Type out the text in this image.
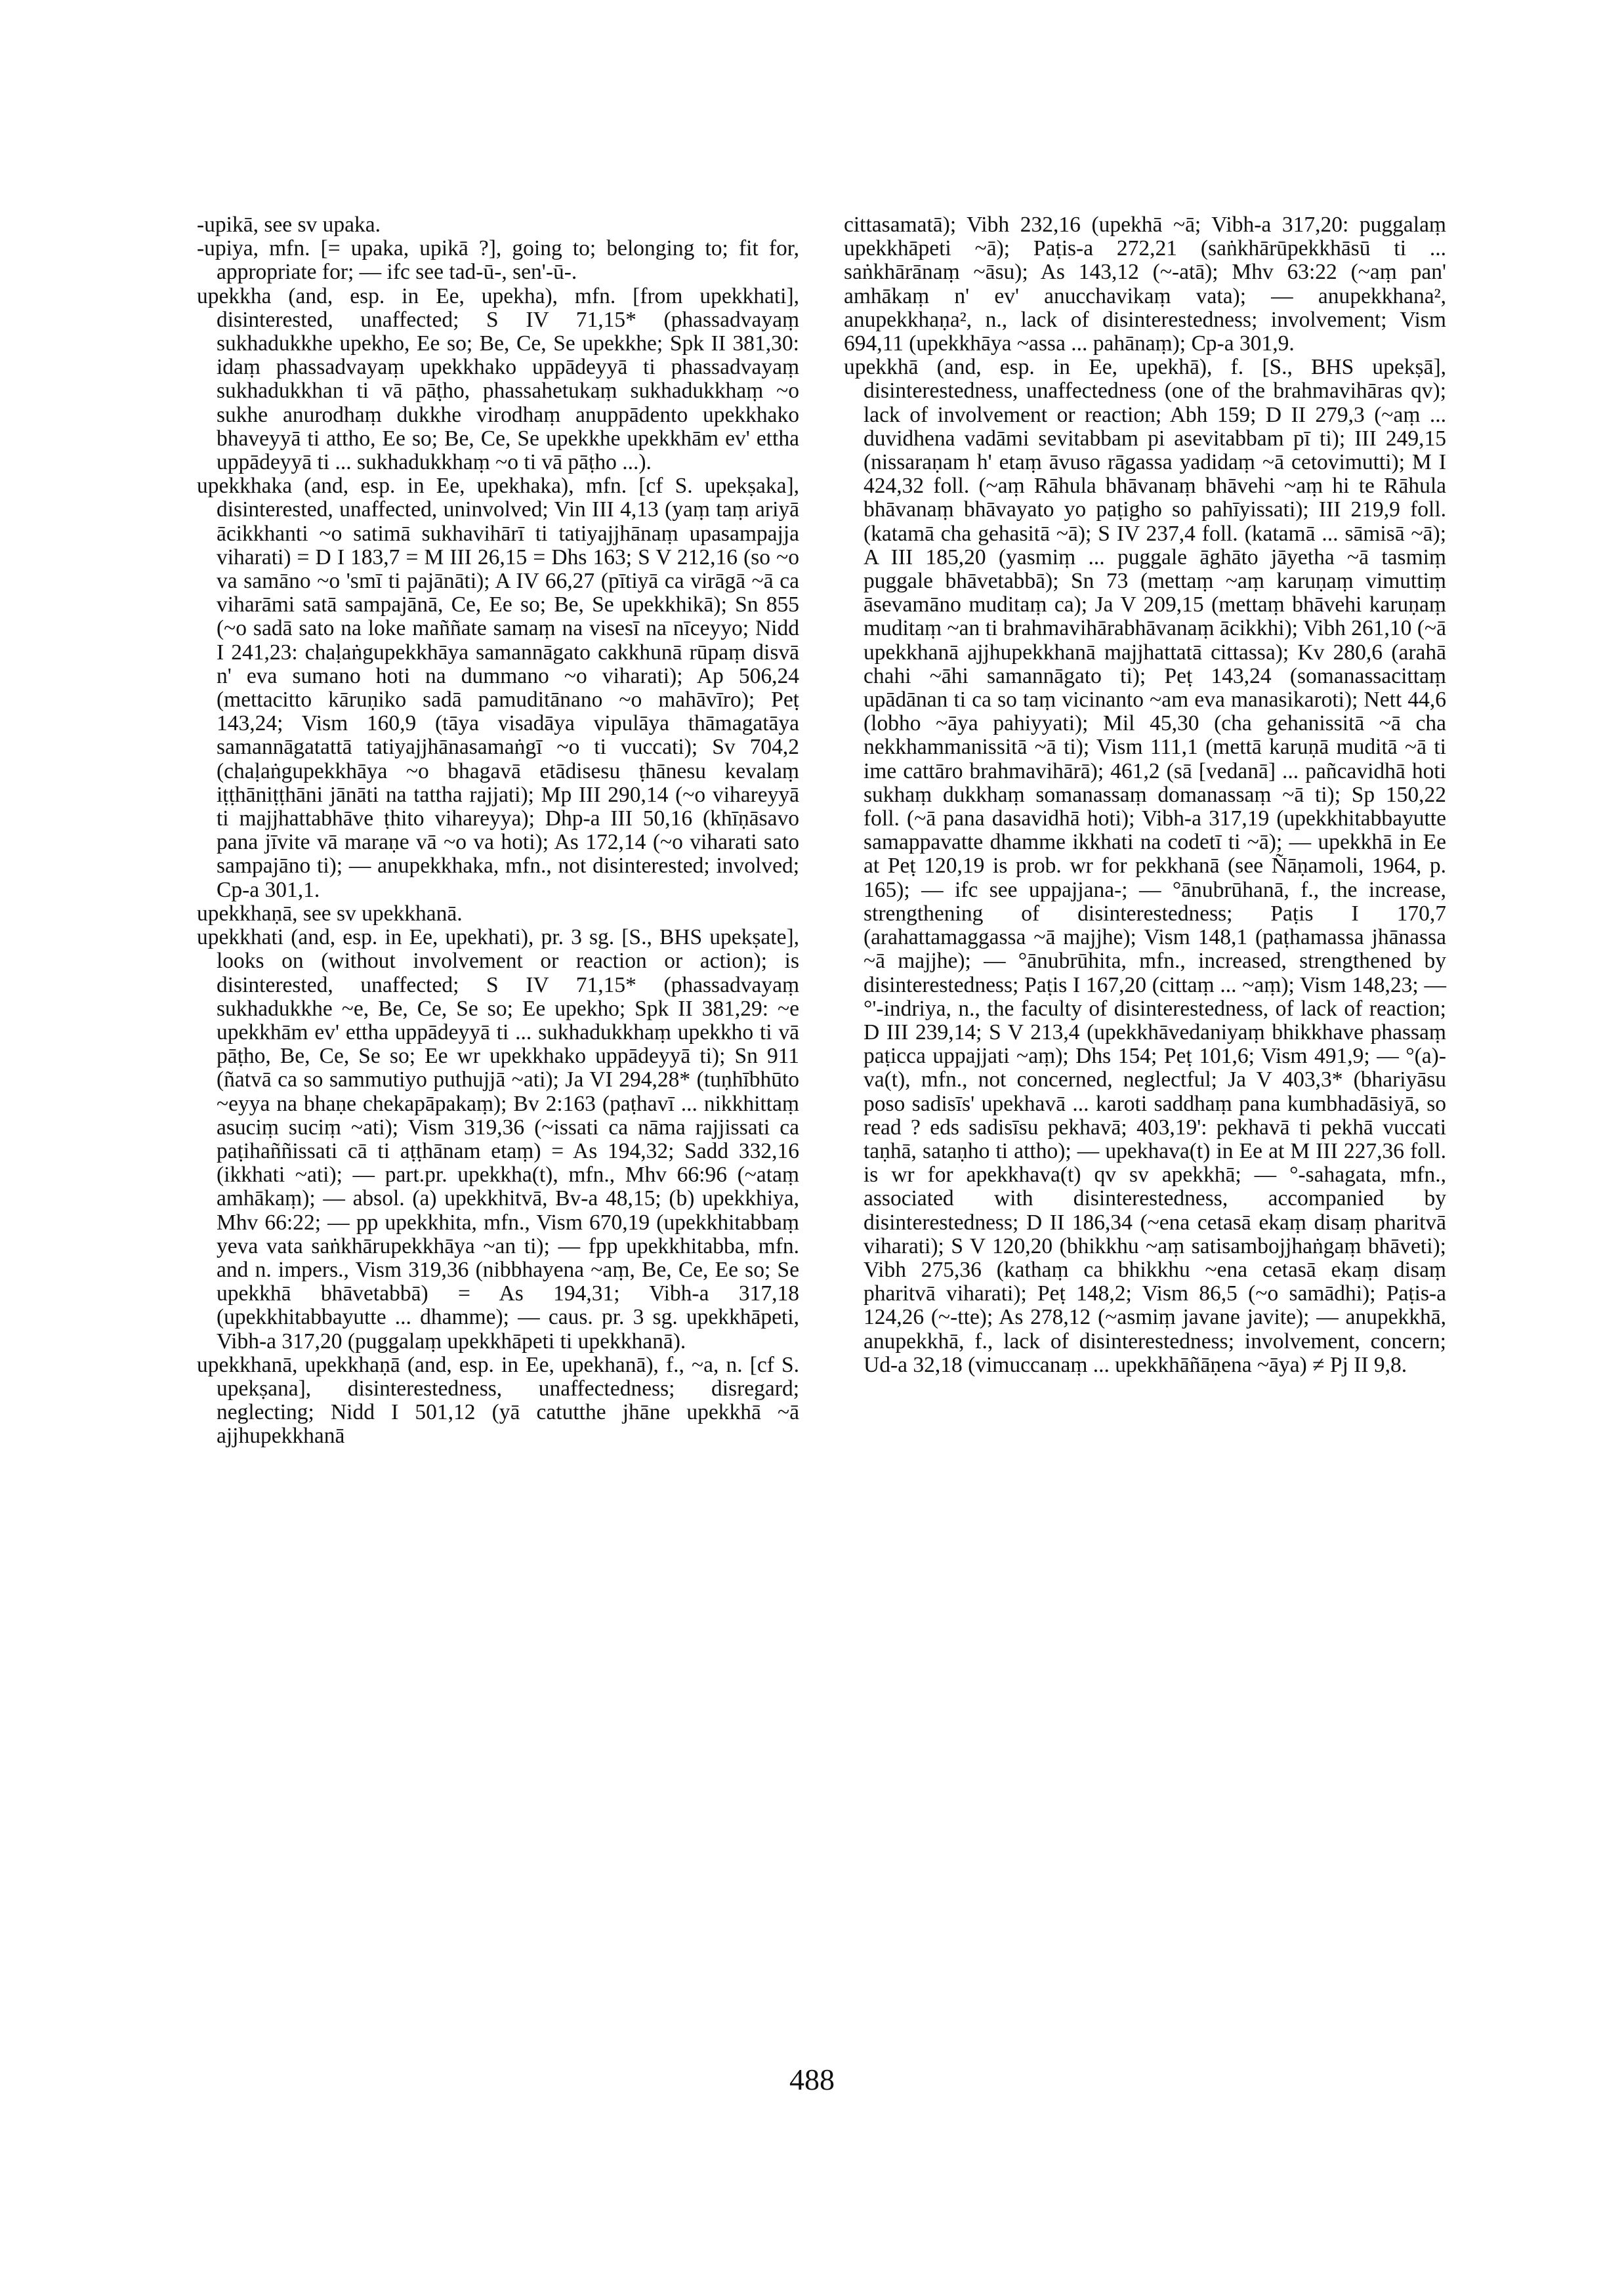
-upikā, see sv upaka.

-upiya, mfn. [= upaka, upikā ?], going to; belonging to; fit for, appropriate for; — ifc see tad-ū-, sen'-ū-.

upekkha (and, esp. in Ee, upekha), mfn. [from upekkhati], disinterested, unaffected; S IV 71,15* (phassadvayaṃ sukhadukkhe upekho, Ee so; Be, Ce, Se upekkhe; Spk II 381,30: idaṃ phassadvayaṃ upekkhako uppādeyyā ti phassadvayaṃ sukhadukkhan ti vā pāṭho, phassahetukaṃ sukhadukkhaṃ ~o sukhe anurodhaṃ dukkhe virodhaṃ anuppādento upekkhako bhaveyyā ti attho, Ee so; Be, Ce, Se upekkhe upekkhām ev' ettha uppādeyyā ti ... sukhadukkhaṃ ~o ti vā pāṭho ...).

upekkhaka (and, esp. in Ee, upekhaka), mfn. [cf S. upekṣaka], disinterested, unaffected, uninvolved; Vin III 4,13 (yaṃ taṃ ariyā ācikkhanti ~o satimā sukhavihārī ti tatiyajjhānaṃ upasampajja viharati) = D I 183,7 = M III 26,15 = Dhs 163; S V 212,16 (so ~o va samāno ~o 'smī ti pajānāti); A IV 66,27 (pītiyā ca virāgā ~ā ca viharāmi satā sampajānā, Ce, Ee so; Be, Se upekkhikā); Sn 855 (~o sadā sato na loke maññate samaṃ na visesī na nīceyyo; Nidd I 241,23: chaḷaṅgupekkhāya samannāgato cakkhunā rūpaṃ disvā n' eva sumano hoti na dummano ~o viharati); Ap 506,24 (mettacitto kāruṇiko sadā pamuditānano ~o mahāvīro); Peṭ 143,24; Vism 160,9 (tāya visadāya vipulāya thāmagatāya samannāgatattā tatiyajjhānasamaṅgī ~o ti vuccati); Sv 704,2 (chaḷaṅgupekkhāya ~o bhagavā etādisesu ṭhānesu kevalaṃ iṭṭhāniṭṭhāni jānāti na tattha rajjati); Mp III 290,14 (~o vihareyyā ti majjhattabhāve ṭhito vihareyya); Dhp-a III 50,16 (khīṇāsavo pana jīvite vā maraṇe vā ~o va hoti); As 172,14 (~o viharati sato sampajāno ti); — anupekkhaka, mfn., not disinterested; involved; Cp-a 301,1.

upekkhaṇā, see sv upekkhanā.

upekkhati (and, esp. in Ee, upekhati), pr. 3 sg. [S., BHS upekṣate], looks on (without involvement or reaction or action); is disinterested, unaffected; S IV 71,15* (phassadvayaṃ sukhadukkhe ~e, Be, Ce, Se so; Ee upekho; Spk II 381,29: ~e upekkhām ev' ettha uppādeyyā ti ... sukhadukkhaṃ upekkho ti vā pāṭho, Be, Ce, Se so; Ee wr upekkhako uppādeyyā ti); Sn 911 (ñatvā ca so sammutiyo puthujjā ~ati); Ja VI 294,28* (tuṇhībhūto ~eyya na bhaṇe chekapāpakaṃ); Bv 2:163 (paṭhavī ... nikkhittaṃ asuciṃ suciṃ ~ati); Vism 319,36 (~issati ca nāma rajjissati ca paṭihaññissati cā ti aṭṭhānam etaṃ) = As 194,32; Sadd 332,16 (ikkhati ~ati); — part.pr. upekkha(t), mfn., Mhv 66:96 (~ataṃ amhākaṃ); — absol. (a) upekkhitvā, Bv-a 48,15; (b) upekkhiya, Mhv 66:22; — pp upekkhita, mfn., Vism 670,19 (upekkhitabbaṃ yeva vata saṅkhārupekkhāya ~an ti); — fpp upekkhitabba, mfn. and n. impers., Vism 319,36 (nibbhayena ~aṃ, Be, Ce, Ee so; Se upekkhā bhāvetabbā) = As 194,31; Vibh-a 317,18 (upekkhitabbayutte ... dhamme); — caus. pr. 3 sg. upekkhāpeti, Vibh-a 317,20 (puggalaṃ upekkhāpeti ti upekkhanā).

upekkhanā, upekkhaṇā (and, esp. in Ee, upekhanā), f., ~a, n. [cf S. upekṣana], disinterestedness, unaffectedness; disregard; neglecting; Nidd I 501,12 (yā catutthe jhāne upekkhā ~ā ajjhupekkhanā

cittasamatā); Vibh 232,16 (upekhā ~ā; Vibh-a 317,20: puggalaṃ upekkhāpeti ~ā); Paṭis-a 272,21 (saṅkhārūpekkhāsū ti ... saṅkhārānaṃ ~āsu); As 143,12 (~-atā); Mhv 63:22 (~aṃ pan' amhākaṃ n' ev' anucchavikaṃ vata); — anupekkhana², anupekkhaṇa², n., lack of disinterestedness; involvement; Vism 694,11 (upekkhāya ~assa ... pahānaṃ); Cp-a 301,9.

upekkhā (and, esp. in Ee, upekhā), f. [S., BHS upekṣā], disinterestedness, unaffectedness (one of the brahmavihāras qv); lack of involvement or reaction; Abh 159; D II 279,3 (~aṃ ... duvidhena vadāmi sevitabbam pi asevitabbam pī ti); III 249,15 (nissaraṇam h' etaṃ āvuso rāgassa yadidaṃ ~ā cetovimutti); M I 424,32 foll. (~aṃ Rāhula bhāvanaṃ bhāvehi ~aṃ hi te Rāhula bhāvanaṃ bhāvayato yo paṭigho so pahīyissati); III 219,9 foll. (katamā cha gehasitā ~ā); S IV 237,4 foll. (katamā ... sāmisā ~ā); A III 185,20 (yasmiṃ ... puggale āghāto jāyetha ~ā tasmiṃ puggale bhāvetabbā); Sn 73 (mettaṃ ~aṃ karuṇaṃ vimuttiṃ āsevamāno muditaṃ ca); Ja V 209,15 (mettaṃ bhāvehi karuṇaṃ muditaṃ ~an ti brahmavihārabhāvanaṃ ācikkhi); Vibh 261,10 (~ā upekkhanā ajjhupekkhanā majjhattatā cittassa); Kv 280,6 (arahā chahi ~āhi samannāgato ti); Peṭ 143,24 (somanassacittaṃ upādānan ti ca so taṃ vicinanto ~am eva manasikaroti); Nett 44,6 (lobho ~āya pahiyyati); Mil 45,30 (cha gehanissitā ~ā cha nekkhammanissitā ~ā ti); Vism 111,1 (mettā karuṇā muditā ~ā ti ime cattāro brahmavihārā); 461,2 (sā [vedanā] ... pañcavidhā hoti sukhaṃ dukkhaṃ somanassaṃ domanassaṃ ~ā ti); Sp 150,22 foll. (~ā pana dasavidhā hoti); Vibh-a 317,19 (upekkhitabbayutte samappavatte dhamme ikkhati na codetī ti ~ā); — upekkhā in Ee at Peṭ 120,19 is prob. wr for pekkhanā (see Ñāṇamoli, 1964, p. 165); — ifc see uppajjana-; — °ānubrūhanā, f., the increase, strengthening of disinterestedness; Paṭis I 170,7 (arahattamaggassa ~ā majjhe); Vism 148,1 (paṭhamassa jhānassa ~ā majjhe); — °ānubrūhita, mfn., increased, strengthened by disinterestedness; Paṭis I 167,20 (cittaṃ ... ~aṃ); Vism 148,23; — °'-indriya, n., the faculty of disinterestedness, of lack of reaction; D III 239,14; S V 213,4 (upekkhāvedaniyaṃ bhikkhave phassaṃ paṭicca uppajjati ~aṃ); Dhs 154; Peṭ 101,6; Vism 491,9; — °(a)-va(t), mfn., not concerned, neglectful; Ja V 403,3* (bhariyāsu poso sadisīs' upekhavā ... karoti saddhaṃ pana kumbhadāsiyā, so read ? eds sadisīsu pekhavā; 403,19': pekhavā ti pekhā vuccati taṇhā, sataṇho ti attho); — upekhava(t) in Ee at M III 227,36 foll. is wr for apekkhava(t) qv sv apekkhā; — °-sahagata, mfn., associated with disinterestedness, accompanied by disinterestedness; D II 186,34 (~ena cetasā ekaṃ disaṃ pharitvā viharati); S V 120,20 (bhikkhu ~aṃ satisambojjhaṅgaṃ bhāveti); Vibh 275,36 (kathaṃ ca bhikkhu ~ena cetasā ekaṃ disaṃ pharitvā viharati); Peṭ 148,2; Vism 86,5 (~o samādhi); Paṭis-a 124,26 (~-tte); As 278,12 (~asmiṃ javane javite); — anupekkhā, anupekkhā, f., lack of disinterestedness; involvement, concern; Ud-a 32,18 (vimuccanaṃ ... upekkhāñāṇena ~āya) ≠ Pj II 9,8.

488
